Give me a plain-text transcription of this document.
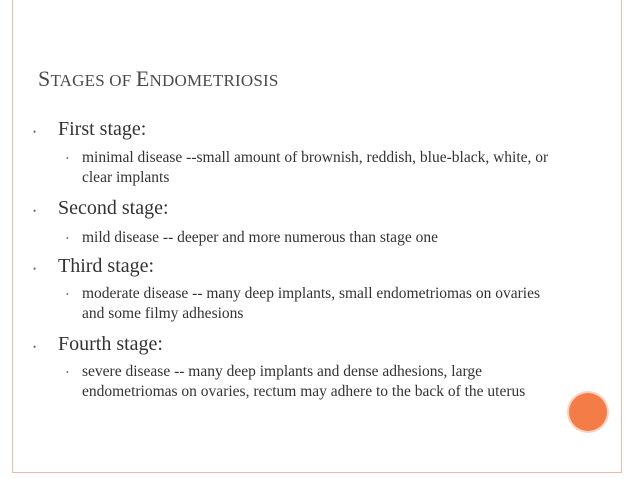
STAGES OF ENDOMETRIOSIS
• First stage:
• minimal disease --small amount of brownish, reddish, blue-black, white, or clear implants
• Second stage:
• mild disease -- deeper and more numerous than stage one
• Third stage:
• moderate disease -- many deep implants, small endometriomas on ovaries and some filmy adhesions
• Fourth stage:
• severe disease -- many deep implants and dense adhesions, large endometriomas on ovaries, rectum may adhere to the back of the uterus
